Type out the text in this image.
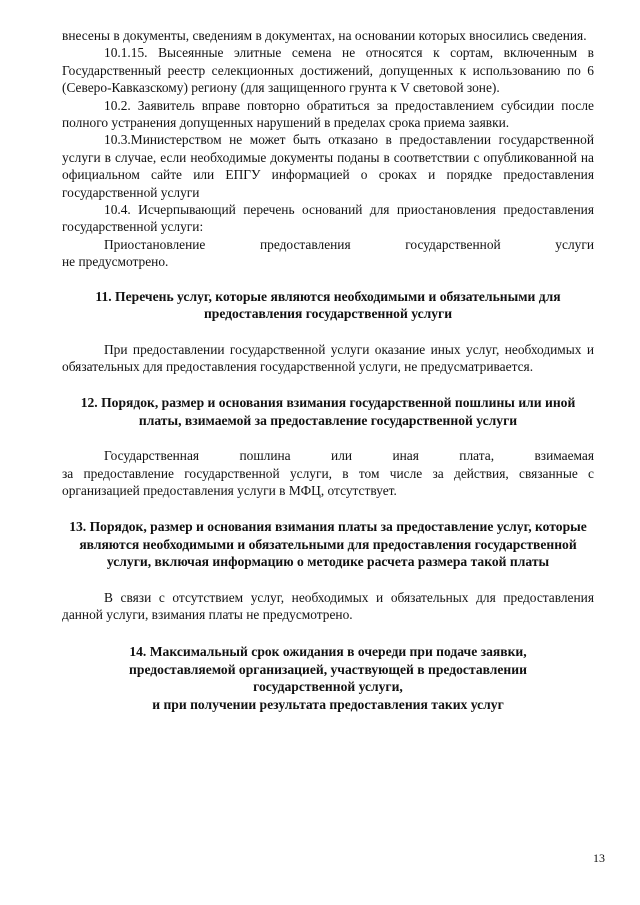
внесены в документы, сведениям в документах, на основании которых вносились сведения.

10.1.15. Высеянные элитные семена не относятся к сортам, включенным в Государственный реестр селекционных достижений, допущенных к использованию по 6 (Северо-Кавказскому) региону (для защищенного грунта к V световой зоне).

10.2. Заявитель вправе повторно обратиться за предоставлением субсидии после полного устранения допущенных нарушений в пределах срока приема заявки.

10.3.Министерством не может быть отказано в предоставлении государственной услуги в случае, если необходимые документы поданы в соответствии с опубликованной на официальном сайте или ЕПГУ информацией о сроках и порядке предоставления государственной услуги

10.4. Исчерпывающий перечень оснований для приостановления предоставления государственной услуги:

Приостановление предоставления государственной услуги

не предусмотрено.

11. Перечень услуг, которые являются необходимыми и обязательными для предоставления государственной услуги

При предоставлении государственной услуги оказание иных услуг, необходимых и обязательных для предоставления государственной услуги, не предусматривается.

12. Порядок, размер и основания взимания государственной пошлины или иной платы, взимаемой за предоставление государственной услуги

Государственная пошлина или иная плата, взимаемая

за предоставление государственной услуги, в том числе за действия, связанные с организацией предоставления услуги в МФЦ, отсутствует.

13. Порядок, размер и основания взимания платы за предоставление услуг, которые являются необходимыми и обязательными для предоставления государственной услуги, включая информацию о методике расчета размера такой платы

В связи с отсутствием услуг, необходимых и обязательных для предоставления данной услуги, взимания платы не предусмотрено.

14. Максимальный срок ожидания в очереди при подаче заявки,
предоставляемой организацией, участвующей в предоставлении
государственной услуги,
и при получении результата предоставления таких услуг
13
